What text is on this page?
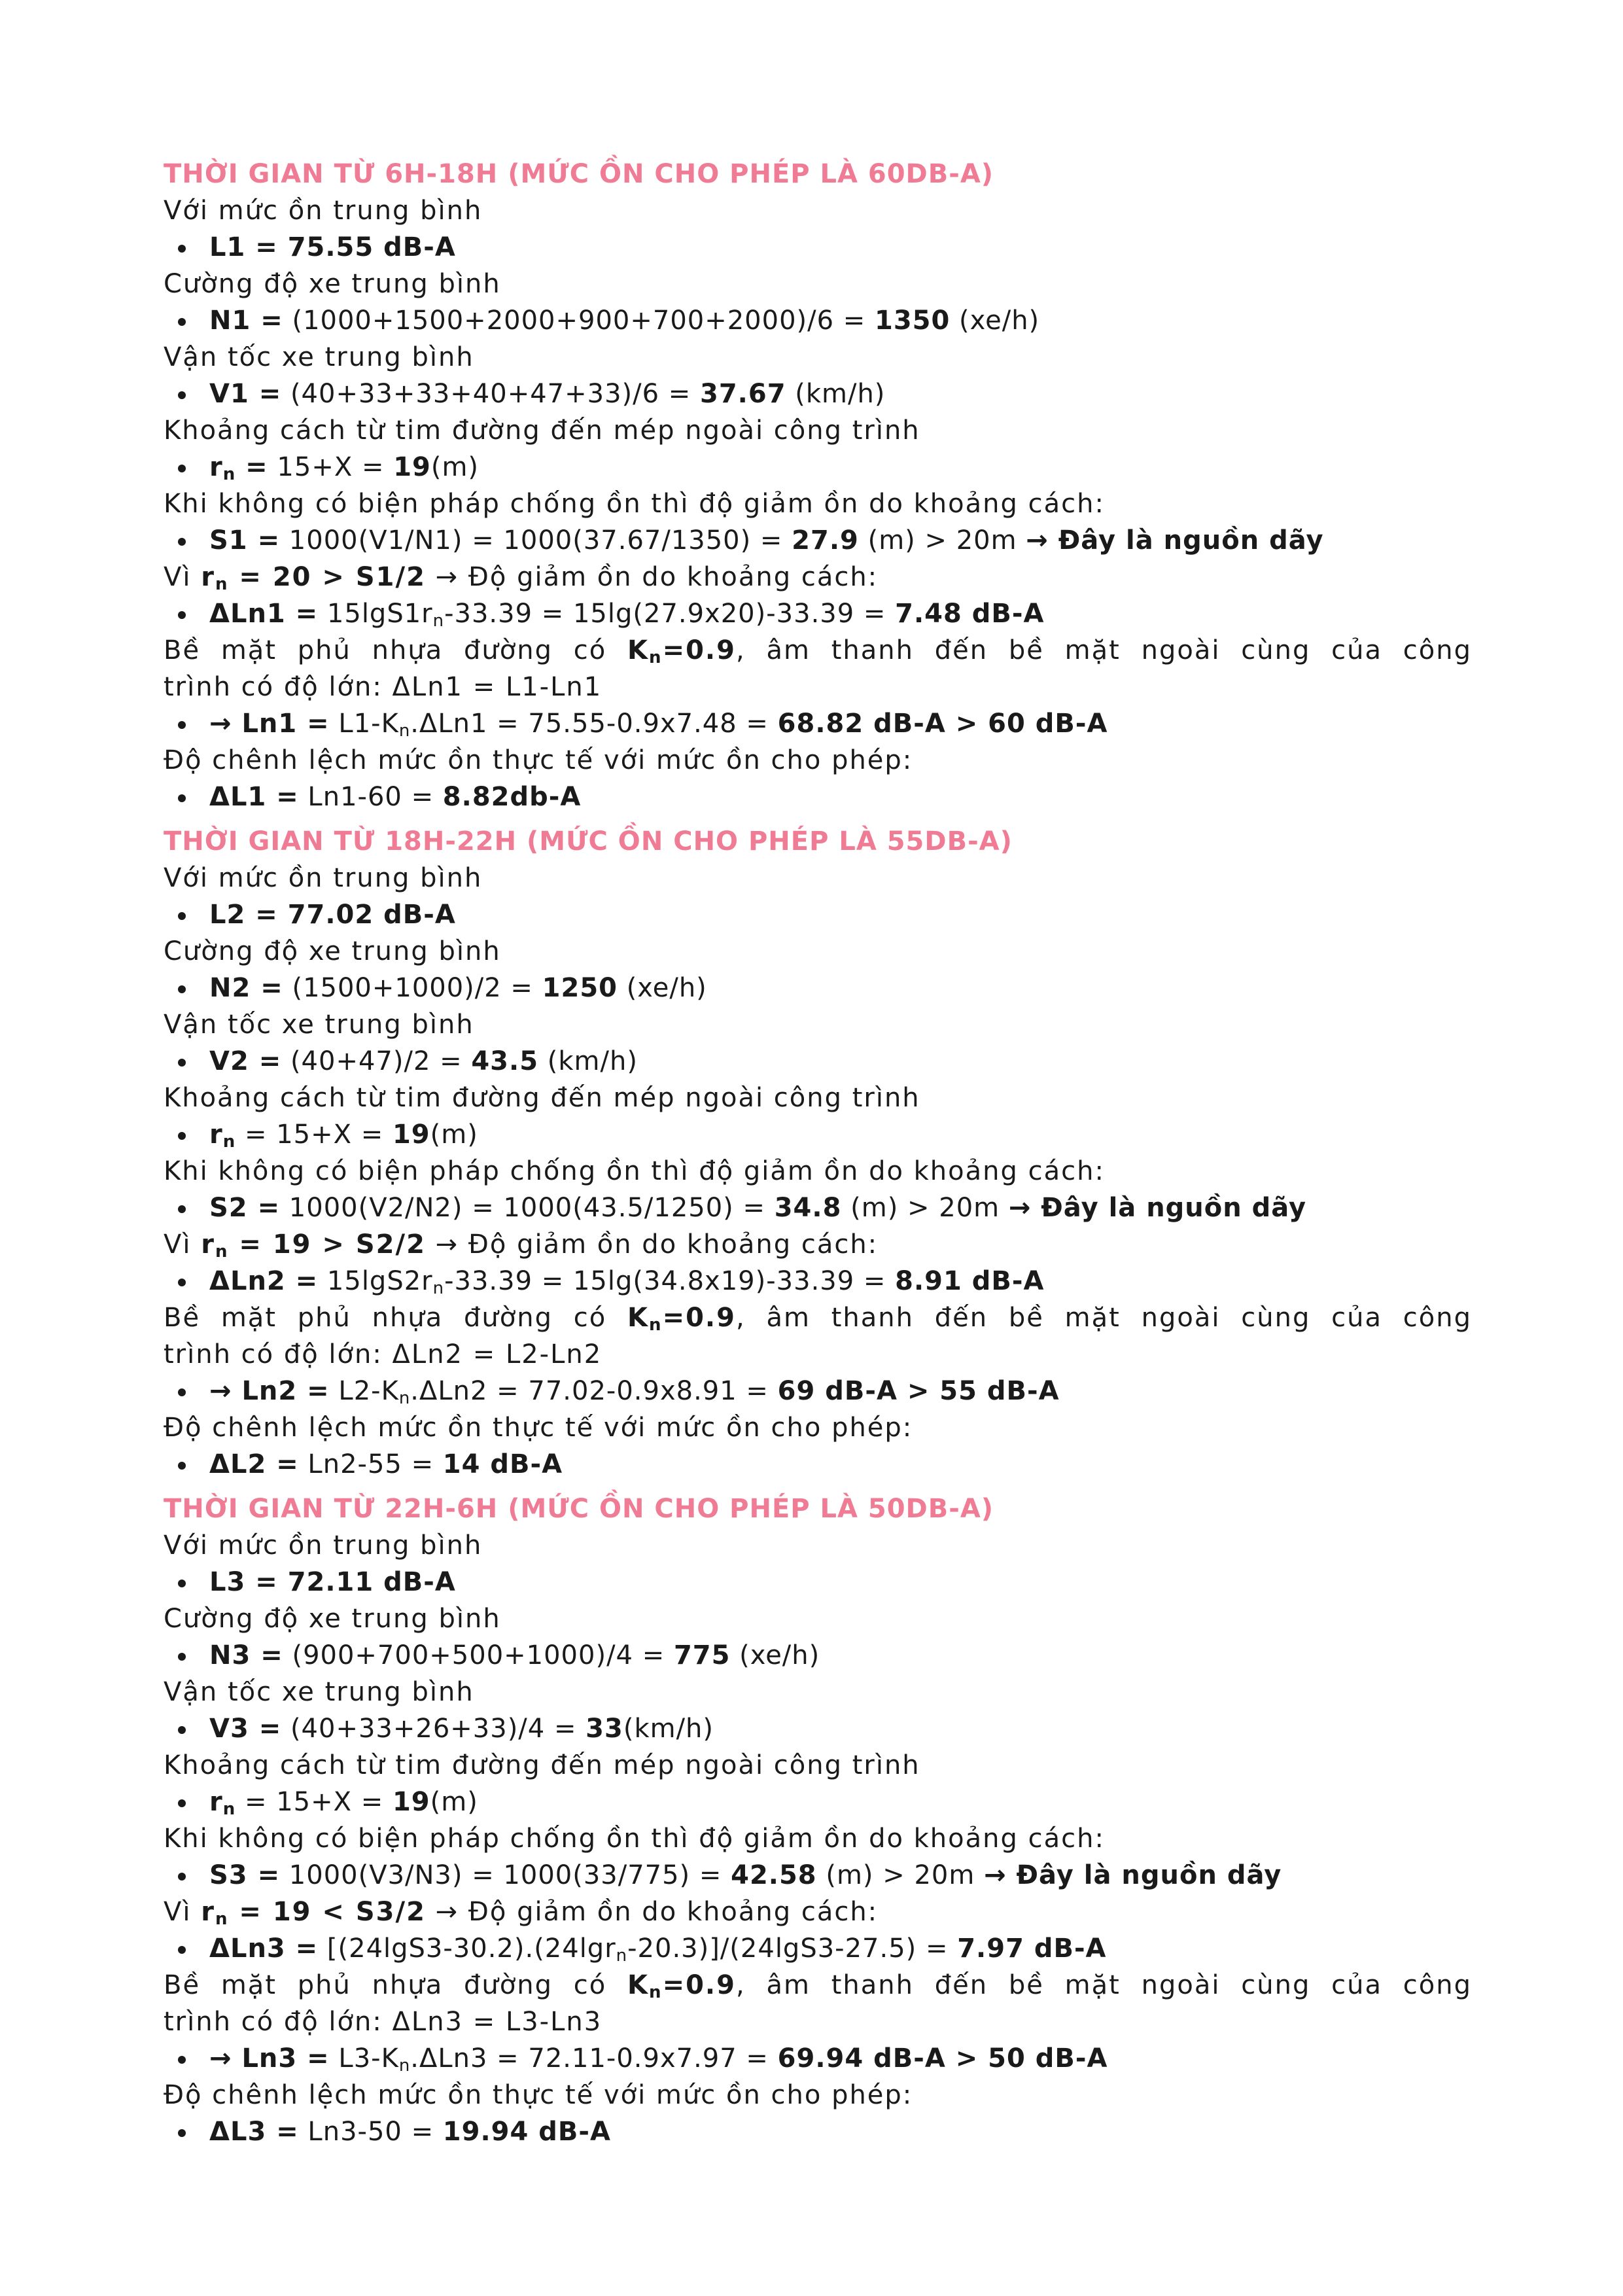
THỜI GIAN TỪ 6H-18H (MỨC ỒN CHO PHÉP LÀ 60DB-A)
Với mức ồn trung bình
L1 = 75.55 dB-A
Cường độ xe trung bình
N1 = (1000+1500+2000+900+700+2000)/6 = 1350 (xe/h)
Vận tốc xe trung bình
V1 = (40+33+33+40+47+33)/6 = 37.67 (km/h)
Khoảng cách từ tim đường đến mép ngoài công trình
$r_n = 15+X = 19(m)$
Khi không có biện pháp chống ồn thì độ giảm ồn do khoảng cách:
S1 = 1000(V1/N1) = 1000(37.67/1350) = 27.9 (m) > 20m → Đây là nguồn dãy
Vì $r_n = 20 > S1/2$ → Độ giảm ồn do khoảng cách:
$\Delta Ln1 = 15\lg S1r_n-33.39 = 15\lg(27.9x20)-33.39 = 7.48$ dB-A
Bề mặt phủ nhựa đường có $K_n=0.9$, âm thanh đến bề mặt ngoài cùng của công
trình có độ lớn: ΔLn1 = L1-Ln1
→ $Ln1 = L1-K_n.\Delta Ln1 = 75.55-0.9x7.48 = 68.82$ dB-A > 60 dB-A
Độ chênh lệch mức ồn thực tế với mức ồn cho phép:
ΔL1 = Ln1-60 = 8.82db-A
THỜI GIAN TỪ 18H-22H (MỨC ỒN CHO PHÉP LÀ 55DB-A)
Với mức ồn trung bình
L2 = 77.02 dB-A
Cường độ xe trung bình
N2 = (1500+1000)/2 = 1250 (xe/h)
Vận tốc xe trung bình
V2 = (40+47)/2 = 43.5 (km/h)
Khoảng cách từ tim đường đến mép ngoài công trình
$r_n = 15+X = 19(m)$
Khi không có biện pháp chống ồn thì độ giảm ồn do khoảng cách:
S2 = 1000(V2/N2) = 1000(43.5/1250) = 34.8 (m) > 20m → Đây là nguồn dãy
Vì $r_n = 19 > S2/2$ → Độ giảm ồn do khoảng cách:
$\Delta Ln2 = 15\lg S2r_n-33.39 = 15\lg(34.8x19)-33.39 = 8.91$ dB-A
Bề mặt phủ nhựa đường có $K_n=0.9$, âm thanh đến bề mặt ngoài cùng của công
trình có độ lớn: ΔLn2 = L2-Ln2
→ $Ln2 = L2-K_n.\Delta Ln2 = 77.02-0.9x8.91 = 69$ dB-A > 55 dB-A
Độ chênh lệch mức ồn thực tế với mức ồn cho phép:
ΔL2 = Ln2-55 = 14 dB-A
THỜI GIAN TỪ 22H-6H (MỨC ỒN CHO PHÉP LÀ 50DB-A)
Với mức ồn trung bình
L3 = 72.11 dB-A
Cường độ xe trung bình
N3 = (900+700+500+1000)/4 = 775 (xe/h)
Vận tốc xe trung bình
V3 = (40+33+26+33)/4 = 33(km/h)
Khoảng cách từ tim đường đến mép ngoài công trình
$r_n = 15+X = 19(m)$
Khi không có biện pháp chống ồn thì độ giảm ồn do khoảng cách:
S3 = 1000(V3/N3) = 1000(33/775) = 42.58 (m) > 20m → Đây là nguồn dãy
Vì $r_n = 19 < S3/2$ → Độ giảm ồn do khoảng cách:
ΔLn3 = [(24lgS3-30.2).(24lgr$_n$-20.3)]/(24lgS3-27.5) = 7.97 dB-A
Bề mặt phủ nhựa đường có $K_n=0.9$, âm thanh đến bề mặt ngoài cùng của công
trình có độ lớn: ΔLn3 = L3-Ln3
→ $Ln3 = L3-K_n.\Delta Ln3 = 72.11-0.9x7.97 = 69.94$ dB-A > 50 dB-A
Độ chênh lệch mức ồn thực tế với mức ồn cho phép:
ΔL3 = Ln3-50 = 19.94 dB-A
